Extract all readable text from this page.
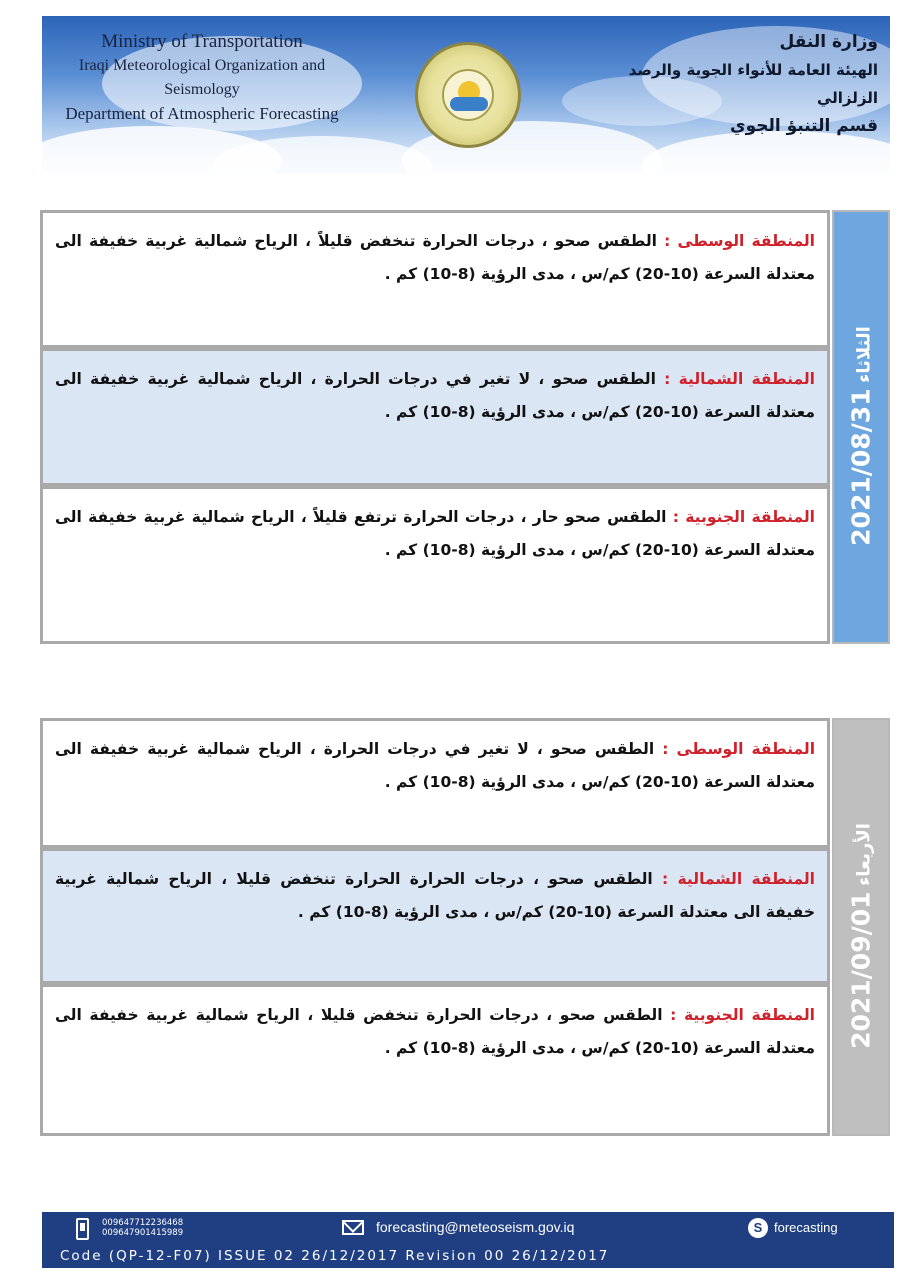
Ministry of Transportation
Iraqi Meteorological Organization and Seismology
Department of Atmospheric Forecasting
وزارة النقل
الهيئة العامة للأنواء الجوية والرصد الزلزالي
قسم التنبؤ الجوي
المنطقة الوسطى : الطقس صحو ، درجات الحرارة تنخفض قليلاً ، الرياح شمالية غربية خفيفة الى معتدلة السرعة (10-20) كم/س ، مدى الرؤية (8-10) كم .
المنطقة الشمالية : الطقس صحو ، لا تغير في درجات الحرارة ، الرياح شمالية غربية خفيفة الى معتدلة السرعة (10-20) كم/س ، مدى الرؤية (8-10) كم .
المنطقة الجنوبية : الطقس صحو حار ، درجات الحرارة ترتفع قليلاً ، الرياح شمالية غربية خفيفة الى معتدلة السرعة (10-20) كم/س ، مدى الرؤية (8-10) كم .
الثلاثاء 2021/08/31
المنطقة الوسطى : الطقس صحو ، لا تغير في درجات الحرارة ، الرياح شمالية غربية خفيفة الى معتدلة السرعة (10-20) كم/س ، مدى الرؤية (8-10) كم .
المنطقة الشمالية : الطقس صحو ، درجات الحرارة الحرارة تنخفض قليلا ، الرياح شمالية غربية خفيفة الى معتدلة السرعة (10-20) كم/س ، مدى الرؤية (8-10) كم .
المنطقة الجنوبية : الطقس صحو ، درجات الحرارة تنخفض قليلا ، الرياح شمالية غربية خفيفة الى معتدلة السرعة (10-20) كم/س ، مدى الرؤية (8-10) كم .
الأربعاء 2021/09/01
009647712236468
009647901415989	forecasting@meteoseism.gov.iq	S forecasting
Code (QP-12-F07) ISSUE 02 26/12/2017 Revision 00 26/12/2017
